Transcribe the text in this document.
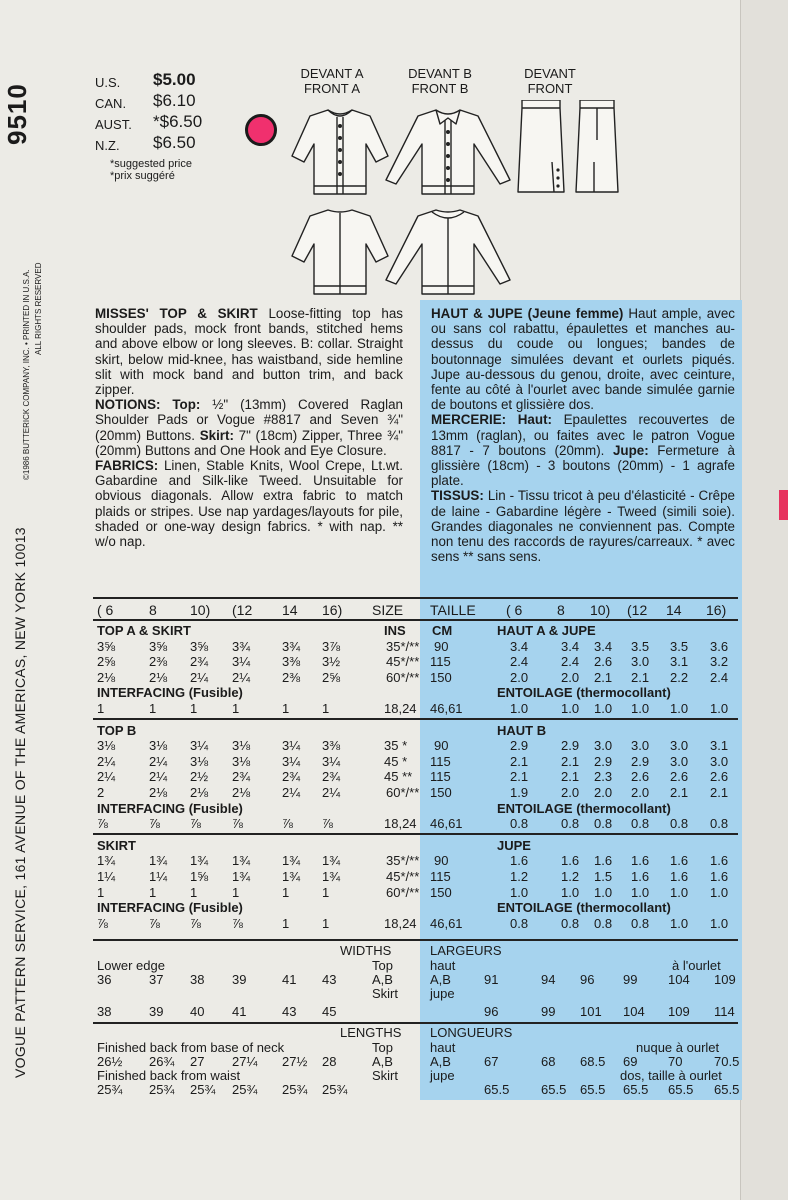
9510
VOGUE PATTERN SERVICE, 161 AVENUE OF THE AMERICAS, NEW YORK 10013
©1986 BUTTERICK COMPANY, INC. • PRINTED IN U.S.A. ALL RIGHTS RESERVED
U.S. $5.00
CAN. $6.10
AUST. *$6.50
N.Z. $6.50
*suggested price
*prix suggéré
DEVANT A
FRONT A
DEVANT B
FRONT B
DEVANT
FRONT

MISSES' TOP & SKIRT Loose-fitting top has shoulder pads, mock front bands, stitched hems and above elbow or long sleeves. B: collar. Straight skirt, below mid-knee, has waistband, side hemline slit with mock band and button trim, and back zipper.

NOTIONS: Top: ½" (13mm) Covered Raglan Shoulder Pads or Vogue #8817 and Seven ¾" (20mm) Buttons. Skirt: 7" (18cm) Zipper, Three ¾" (20mm) Buttons and One Hook and Eye Closure.

FABRICS: Linen, Stable Knits, Wool Crepe, Lt.wt. Gabardine and Silk-like Tweed. Unsuitable for obvious diagonals. Allow extra fabric to match plaids or stripes. Use nap yardages/layouts for pile, shaded or one-way design fabrics. * with nap. ** w/o nap.

HAUT & JUPE (Jeune femme) Haut ample, avec ou sans col rabattu, épaulettes et manches au-dessus du coude ou longues; bandes de boutonnage simulées devant et ourlets piqués. Jupe au-dessous du genou, droite, avec ceinture, fente au côté à l'ourlet avec bande simulée garnie de boutons et glissière dos.

MERCERIE: Haut: Epaulettes recouvertes de 13mm (raglan), ou faites avec le patron Vogue 8817 - 7 boutons (20mm). Jupe: Fermeture à glissière (18cm) - 3 boutons (20mm) - 1 agrafe plate.

TISSUS: Lin - Tissu tricot à peu d'élasticité - Crêpe de laine - Gabardine légère - Tweed (simili soie). Grandes diagonales ne conviennent pas. Compte non tenu des raccords de rayures/carreaux. * avec sens ** sans sens.

( 6	8 10) (12 14 16) SIZE TAILLE ( 6 8 10) (12 14 16)
TOP A & SKIRT	INS CM	HAUT A & JUPE
3⅝	3⅝ 3⅝ 3¾ 3¾ 3⅞	35*/** 90	3.4	3.4 3.4 3.5 3.5 3.6
2⅝	2⅜ 2¾ 3¼ 3⅜ 3½	45*/** 115	2.4	2.4 2.6 3.0 3.1 3.2
2⅛	2⅛ 2¼ 2¼ 2⅜ 2⅝	60*/** 150	2.0	2.0 2.1 2.1 2.2 2.4
INTERFACING (Fusible)	ENTOILAGE (thermocollant)
1	1	1	1	1	1	18,24 46,61	1.0	1.0 1.0 1.0 1.0 1.0
TOP B	HAUT B
3⅛	3⅛ 3¼ 3⅛ 3¼ 3⅜	35 * 90	2.9	2.9 3.0 3.0 3.0 3.1
2¼	2¼ 3⅛ 3⅛ 3¼ 3¼	45 * 115	2.1	2.1 2.9 2.9 3.0 3.0
2¼	2¼ 2½ 2¾ 2¾ 2¾	45 ** 115	2.1	2.1 2.3 2.6 2.6 2.6
2	2⅛ 2⅛ 2⅛ 2¼ 2¼	60*/** 150	1.9	2.0 2.0 2.0 2.1 2.1
INTERFACING (Fusible)	ENTOILAGE (thermocollant)
⅞	⅞ ⅞ ⅞	⅞ ⅞	18,24 46,61	0.8	0.8 0.8 0.8 0.8 0.8
SKIRT	JUPE
1¾	1¾ 1¾ 1¾ 1¾ 1¾	35*/** 90	1.6	1.6 1.6 1.6 1.6 1.6
1¼	1¼ 1⅝ 1¾ 1¾ 1¾	45*/** 115	1.2	1.2 1.5 1.6 1.6 1.6
1	1	1	1	1	1	60*/** 150	1.0	1.0 1.0 1.0 1.0 1.0
INTERFACING (Fusible)	ENTOILAGE (thermocollant)
⅞	⅞ ⅞ ⅞	1	1	18,24 46,61	0.8	0.8 0.8 0.8 1.0 1.0
WIDTHS	LARGEURS
Lower edge	Top	haut	à l'ourlet
36	37 38 39	41 43	A,B	A,B	91	94 96 99 104 109
Skirt jupe
38	39 40 41	43 45	96	99 101 104 109 114
LENGTHS LONGUEURS
Finished back from base of neck	Top	haut	nuque à ourlet
26½ 26¾ 27 27¼ 27½ 28	A,B	A,B	67	68 68.5 69 70 70.5
Finished back from waist	Skirt jupe	dos, taille à ourlet
25¾ 25¾ 25¾ 25¾ 25¾ 25¾	65.5 65.5 65.5 65.5 65.5 65.5
